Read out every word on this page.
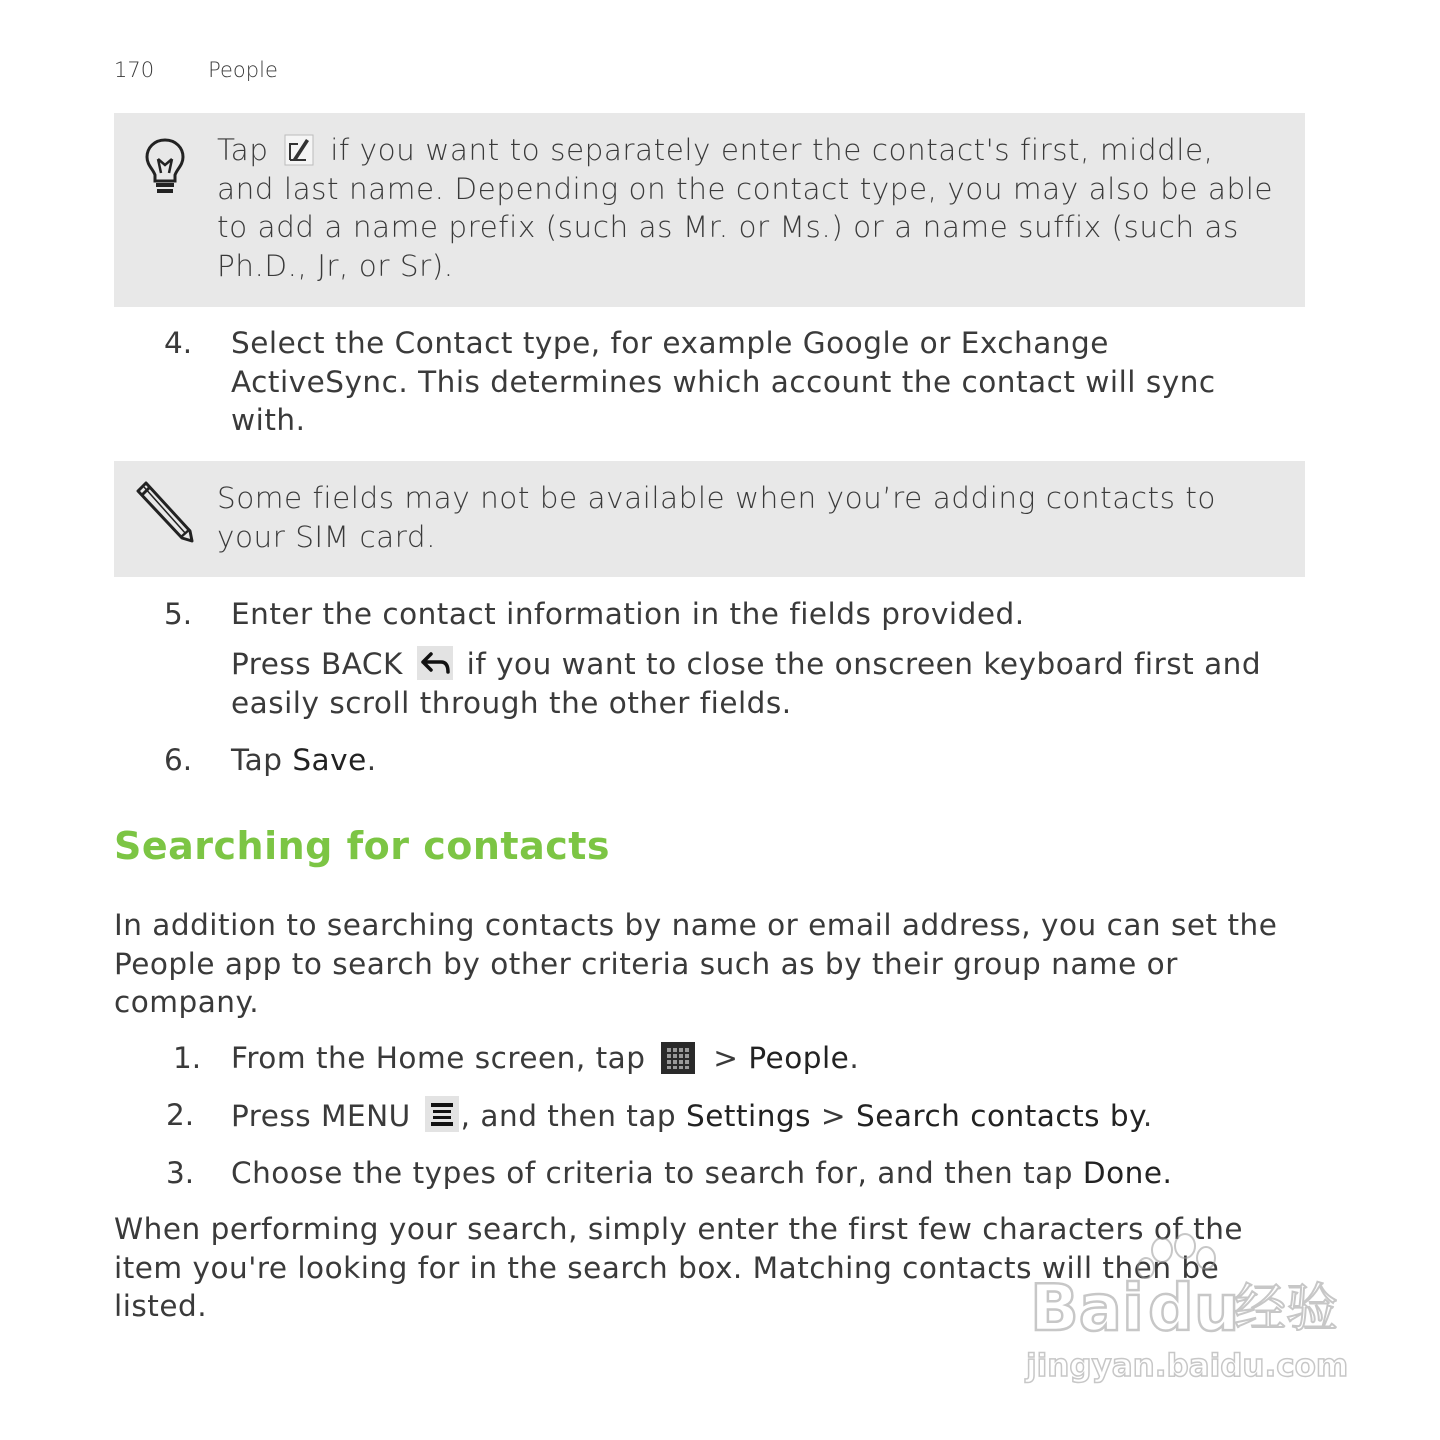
170	People
Tap  if you want to separately enter the contact's first, middle,
and last name. Depending on the contact type, you may also be able to add a name prefix (such as Mr. or Ms.) or a name suffix (such as Ph.D., Jr, or Sr).
4. Select the Contact type, for example Google or Exchange ActiveSync. This determines which account the contact will sync with.
Some fields may not be available when you’re adding contacts to your SIM card.
5. Enter the contact information in the fields provided.
Press BACK  if you want to close the onscreen keyboard first and easily scroll through the other fields.
6. Tap Save.
Searching for contacts
In addition to searching contacts by name or email address, you can set the People app to search by other criteria such as by their group name or company.
1. From the Home screen, tap  > People.
2. Press MENU , and then tap Settings > Search contacts by.
3. Choose the types of criteria to search for, and then tap Done.
When performing your search, simply enter the first few characters of the item you're looking for in the search box. Matching contacts will then be listed.	Bai du
经验
jingyan.baidu.com
